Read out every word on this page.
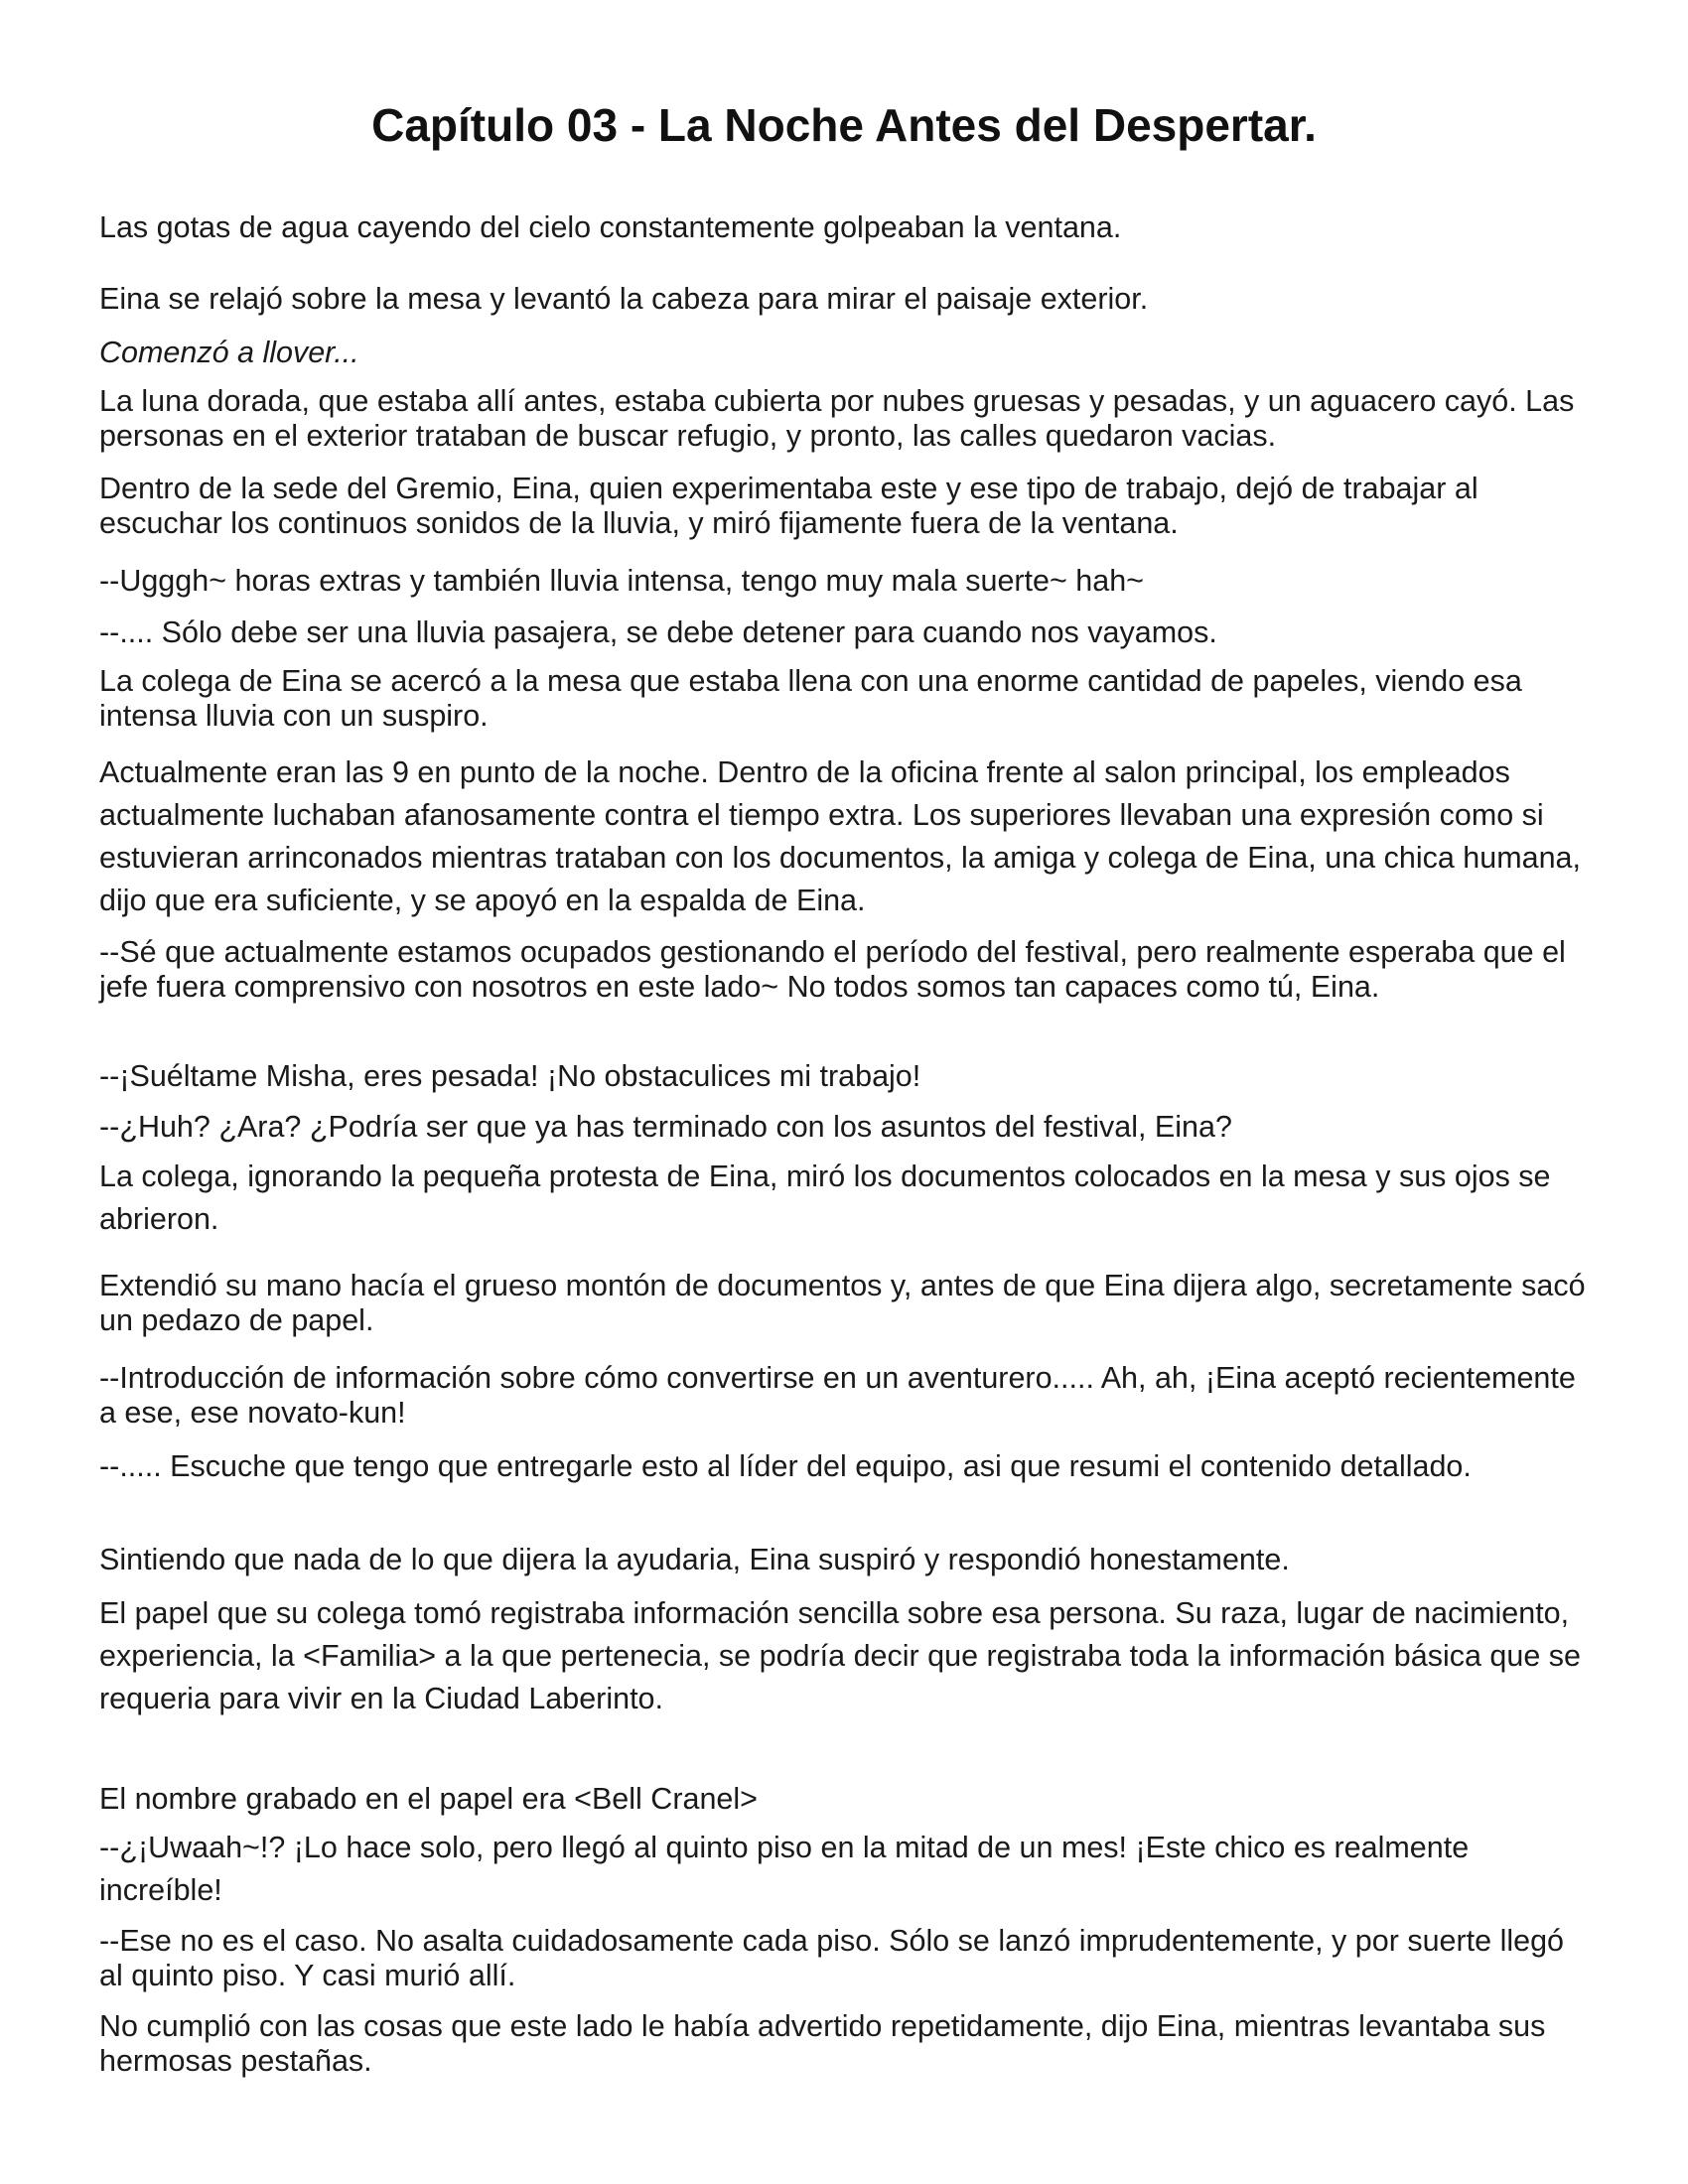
Capítulo 03 - La Noche Antes del Despertar.

Las gotas de agua cayendo del cielo constantemente golpeaban la ventana.

Eina se relajó sobre la mesa y levantó la cabeza para mirar el paisaje exterior.

Comenzó a llover...

La luna dorada, que estaba allí antes, estaba cubierta por nubes gruesas y pesadas, y un aguacero cayó. Las personas en el exterior trataban de buscar refugio, y pronto, las calles quedaron vacias.

Dentro de la sede del Gremio, Eina, quien experimentaba este y ese tipo de trabajo, dejó de trabajar al escuchar los continuos sonidos de la lluvia, y miró fijamente fuera de la ventana.

--Ugggh~ horas extras y también lluvia intensa, tengo muy mala suerte~ hah~

--.... Sólo debe ser una lluvia pasajera, se debe detener para cuando nos vayamos.

La colega de Eina se acercó a la mesa que estaba llena con una enorme cantidad de papeles, viendo esa intensa lluvia con un suspiro.

Actualmente eran las 9 en punto de la noche. Dentro de la oficina frente al salon principal, los empleados actualmente luchaban afanosamente contra el tiempo extra. Los superiores llevaban una expresión como si estuvieran arrinconados mientras trataban con los documentos, la amiga y colega de Eina, una chica humana, dijo que era suficiente, y se apoyó en la espalda de Eina.

--Sé que actualmente estamos ocupados gestionando el período del festival, pero realmente esperaba que el jefe fuera comprensivo con nosotros en este lado~ No todos somos tan capaces como tú, Eina.

--¡Suéltame Misha, eres pesada! ¡No obstaculices mi trabajo!

--¿Huh? ¿Ara? ¿Podría ser que ya has terminado con los asuntos del festival, Eina?

La colega, ignorando la pequeña protesta de Eina, miró los documentos colocados en la mesa y sus ojos se abrieron.

Extendió su mano hacía el grueso montón de documentos y, antes de que Eina dijera algo, secretamente sacó un pedazo de papel.

--Introducción de información sobre cómo convertirse en un aventurero..... Ah, ah, ¡Eina aceptó recientemente a ese, ese novato-kun!

--..... Escuche que tengo que entregarle esto al líder del equipo, asi que resumi el contenido detallado.

Sintiendo que nada de lo que dijera la ayudaria, Eina suspiró y respondió honestamente.

El papel que su colega tomó registraba información sencilla sobre esa persona. Su raza, lugar de nacimiento, experiencia, la <Familia> a la que pertenecia, se podría decir que registraba toda la información básica que se requeria para vivir en la Ciudad Laberinto.

El nombre grabado en el papel era <Bell Cranel>

--¿¡Uwaah~!? ¡Lo hace solo, pero llegó al quinto piso en la mitad de un mes! ¡Este chico es realmente increíble!

--Ese no es el caso. No asalta cuidadosamente cada piso. Sólo se lanzó imprudentemente, y por suerte llegó al quinto piso. Y casi murió allí.

No cumplió con las cosas que este lado le había advertido repetidamente, dijo Eina, mientras levantaba sus hermosas pestañas.
